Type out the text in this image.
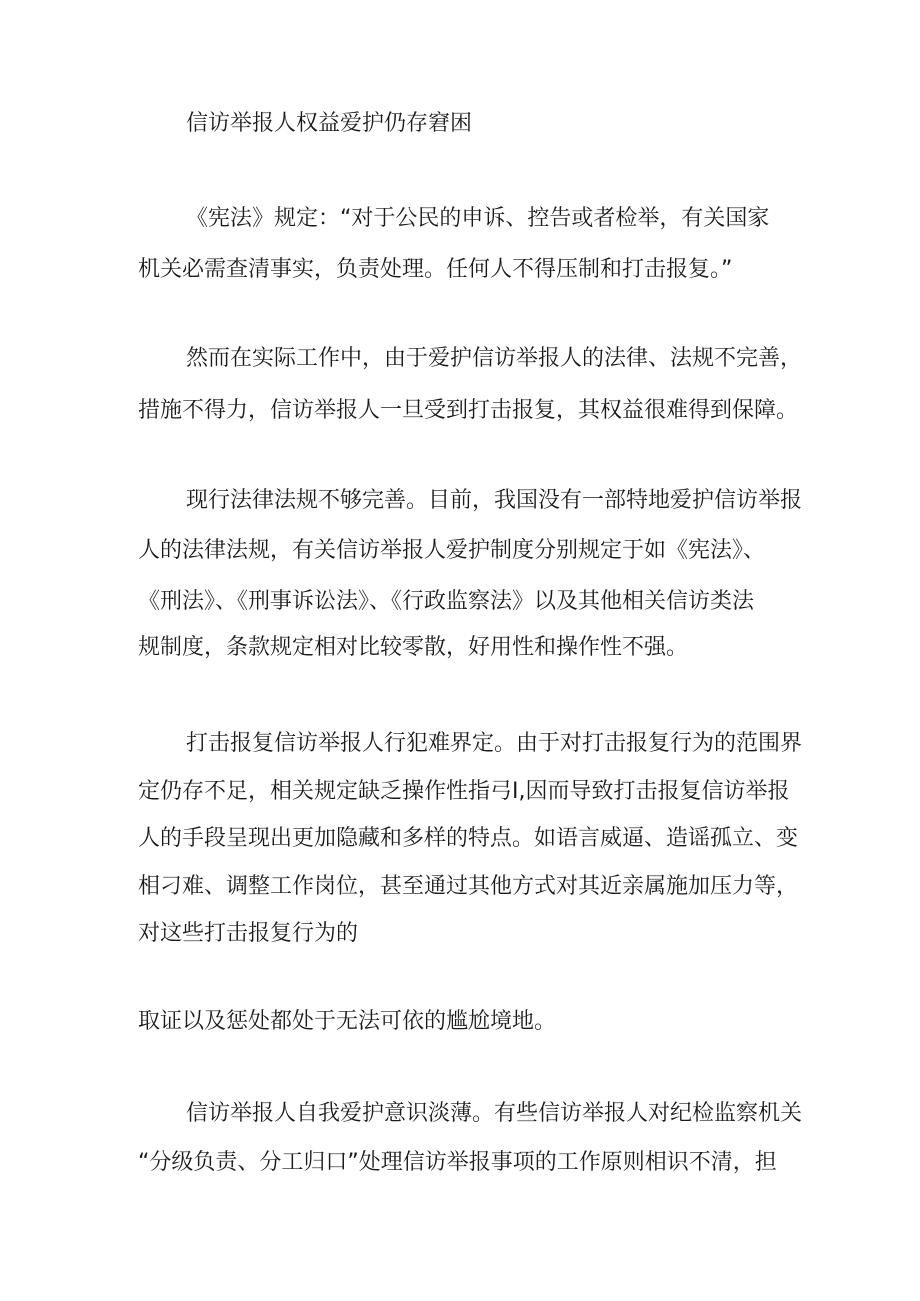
信访举报人权益爱护仍存窘困
《宪法》规定：“对于公民的申诉、控告或者检举，有关国家
机关必需查清事实，负责处理。任何人不得压制和打击报复。”
然而在实际工作中，由于爱护信访举报人的法律、法规不完善，
措施不得力，信访举报人一旦受到打击报复，其权益很难得到保障。
现行法律法规不够完善。目前，我国没有一部特地爱护信访举报
人的法律法规，有关信访举报人爱护制度分别规定于如《宪法》、
《刑法》、《刑事诉讼法》、《行政监察法》以及其他相关信访类法
规制度，条款规定相对比较零散，好用性和操作性不强。
打击报复信访举报人行犯难界定。由于对打击报复行为的范围界
定仍存不足，相关规定缺乏操作性指弓I,因而导致打击报复信访举报
人的手段呈现出更加隐藏和多样的特点。如语言威逼、造谣孤立、变
相刁难、调整工作岗位，甚至通过其他方式对其近亲属施加压力等，
对这些打击报复行为的
取证以及惩处都处于无法可依的尴尬境地。
信访举报人自我爱护意识淡薄。有些信访举报人对纪检监察机关
“分级负责、分工归口”处理信访举报事项的工作原则相识不清，担
